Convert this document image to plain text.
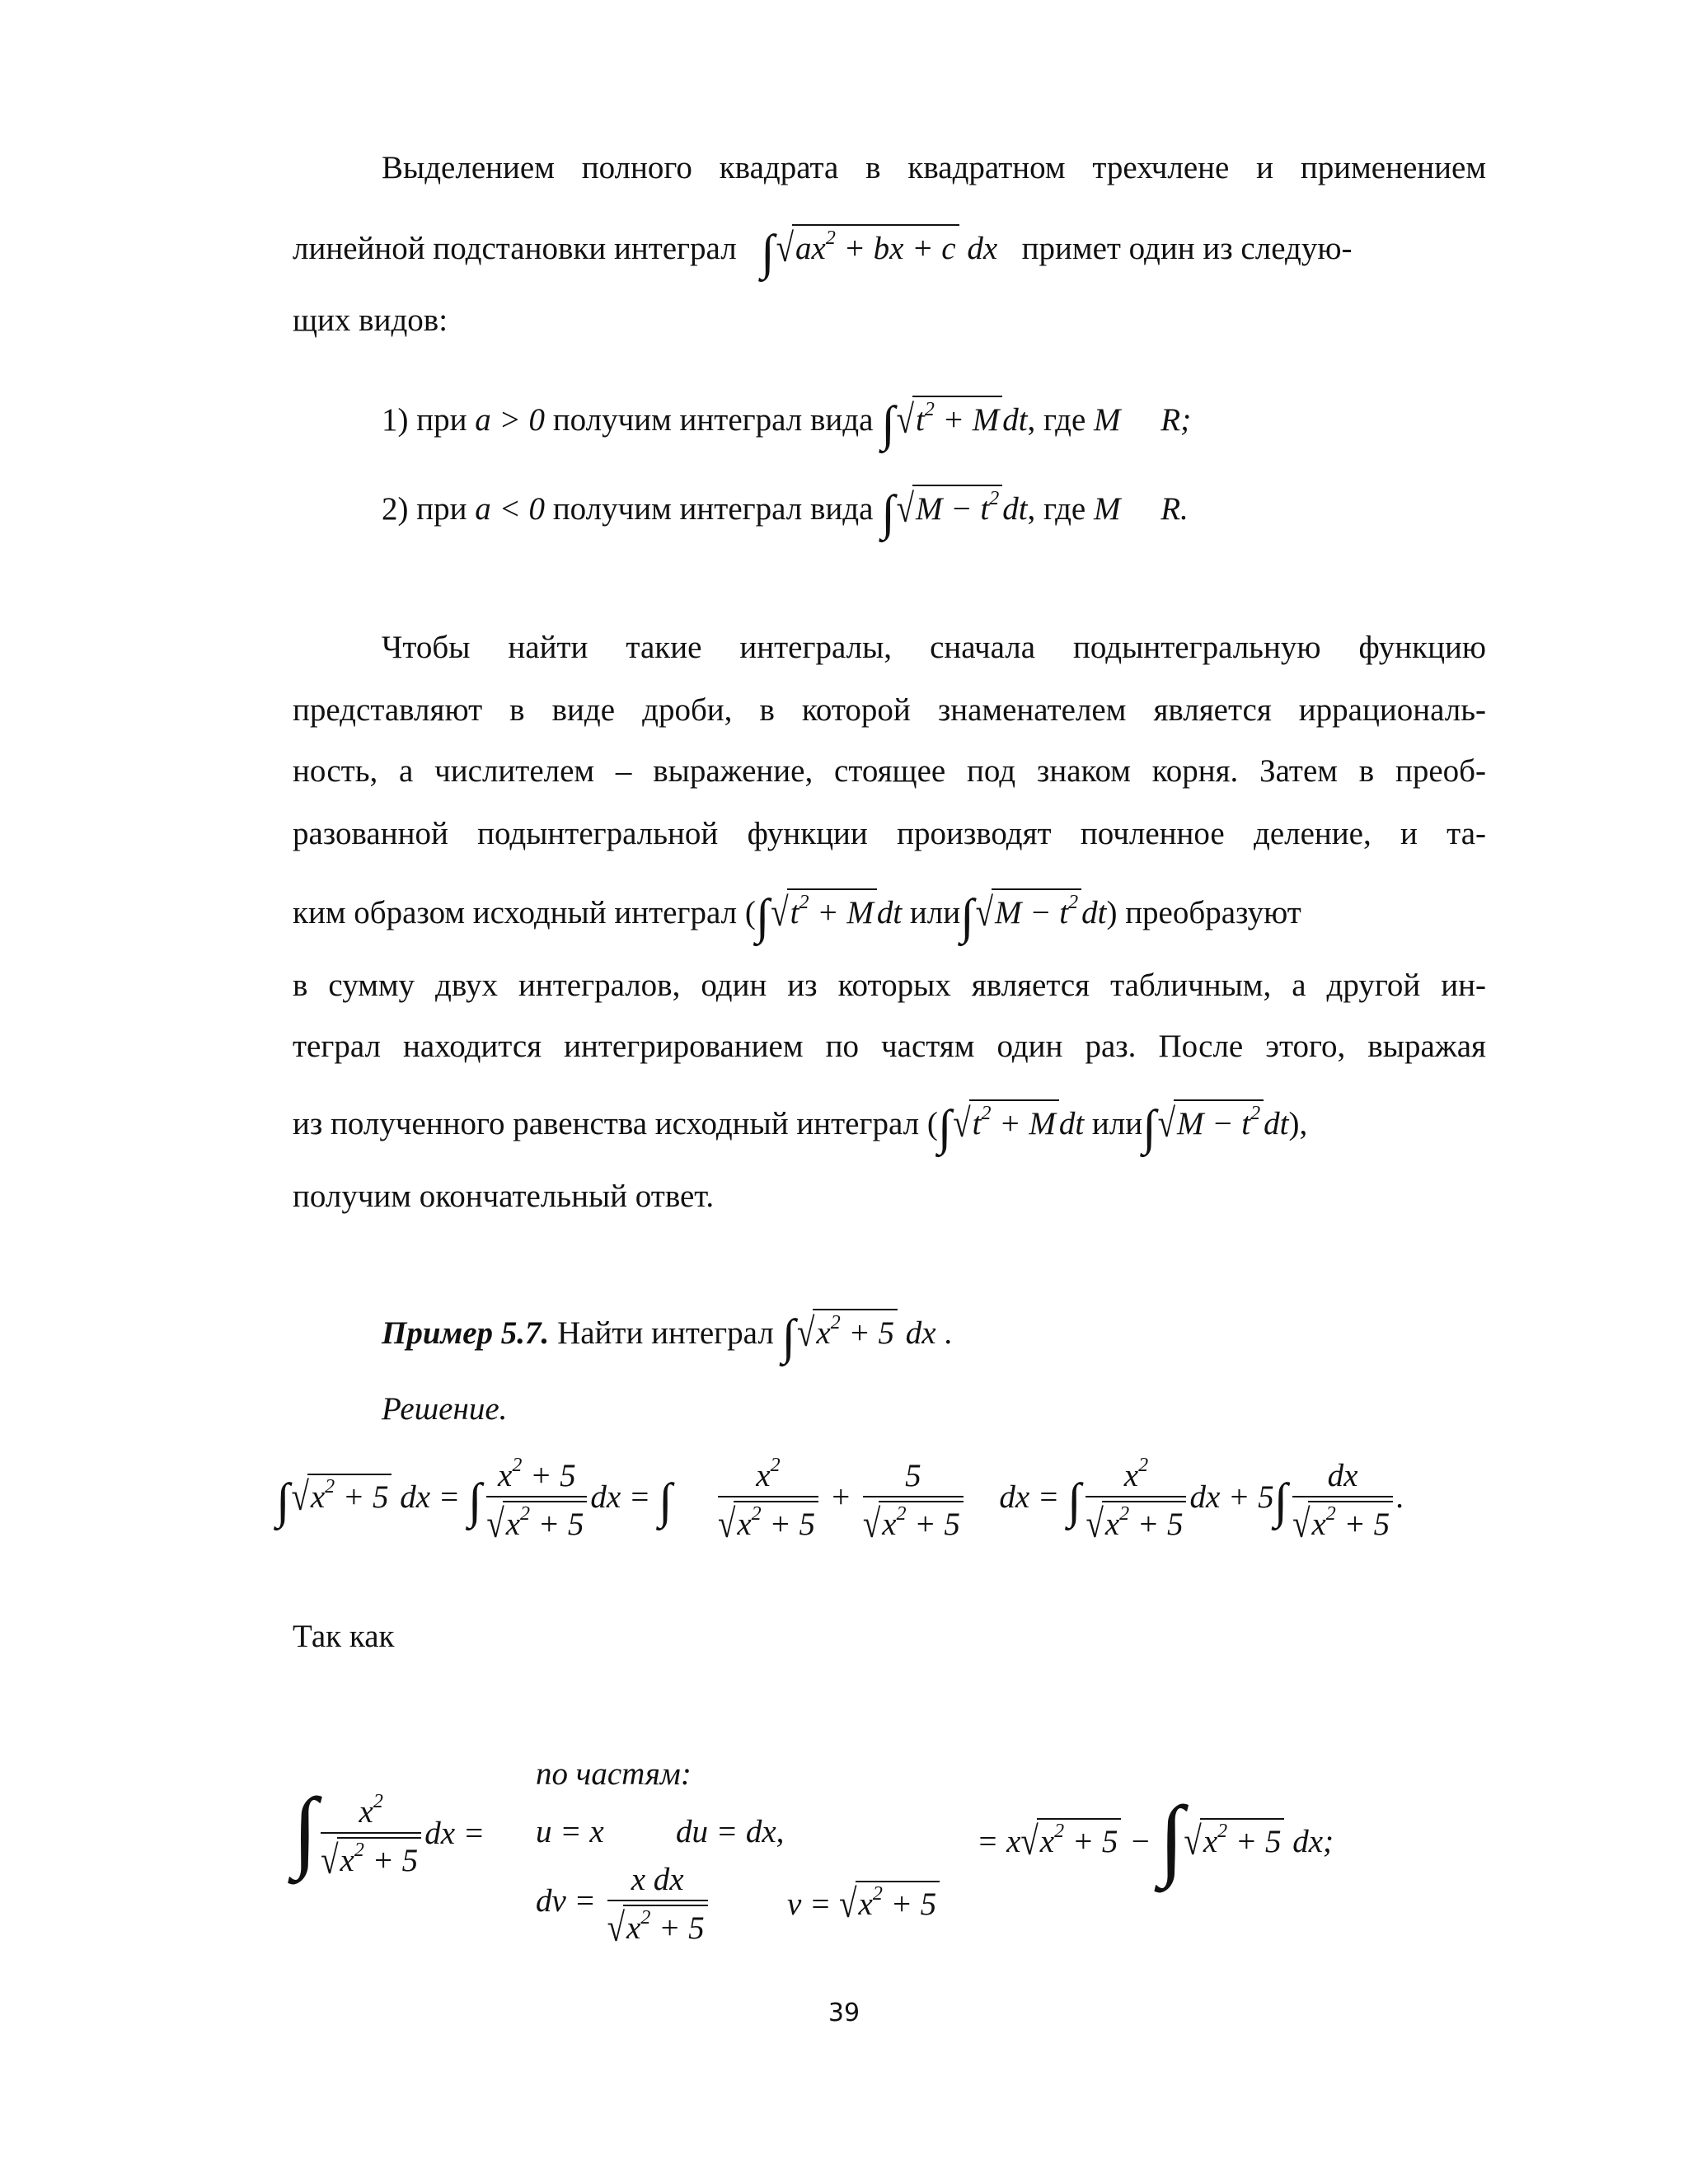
Выделением полного квадрата в квадратном трехчлене и применением
линейной подстановки интеграл $\int√ax^2$ + bx + c dx  примет один из следую-
щих видов:
1) при a > 0 получим интеграл вида $\int√t^2 + M$ dt, где M     R;
2) при a < 0 получим интеграл вида $\int√M - t^2$ dt, где M     R.
Чтобы найти такие интегралы, сначала подынтегральную функцию
представляют в виде дроби, в которой знаменателем является иррациональ-
ность, а числителем – выражение, стоящее под знаком корня. Затем в преоб-
разованной подынтегральной функции производят почленное деление, и та-
ким образом исходный интеграл ($\int√t^2 + M$ dt $или\int√M - t^2$ dt) преобразуют
в сумму двух интегралов, один из которых является табличным, а другой ин-
теграл находится интегрированием по частям один раз. После этого, выражая
из полученного равенства исходный интеграл ($\int√t^2 + M$ dt $или\int√M - t^2$ dt),
получим окончательный ответ.
Пример 5.7. Найти интеграл $\int√x^2 + 5$ dx .
Решение.
$\int√x^2 + 5$ dx = ∫ $\frac{x^2 + 5}{√x^2 + 5}$ dx = ∫ $\frac{x^2}{√x^2 + 5} + \frac{5}{√x^2 + 5}$ dx = ∫ $\frac{x^2}{√x^2 + 5}$ dx + $5\int \frac{dx}{√x^2 + 5}$ .
Так как
∫ $\frac{x^2}{√x^2 + 5}$ dx =
по частям:
u = x du = dx,
dv = $\frac{\text{x dx}}{√x^2 + 5}$ $v = √x^2 + 5$
= $x√x^2 + 5 - \int√x^2 + 5$ dx;
39
